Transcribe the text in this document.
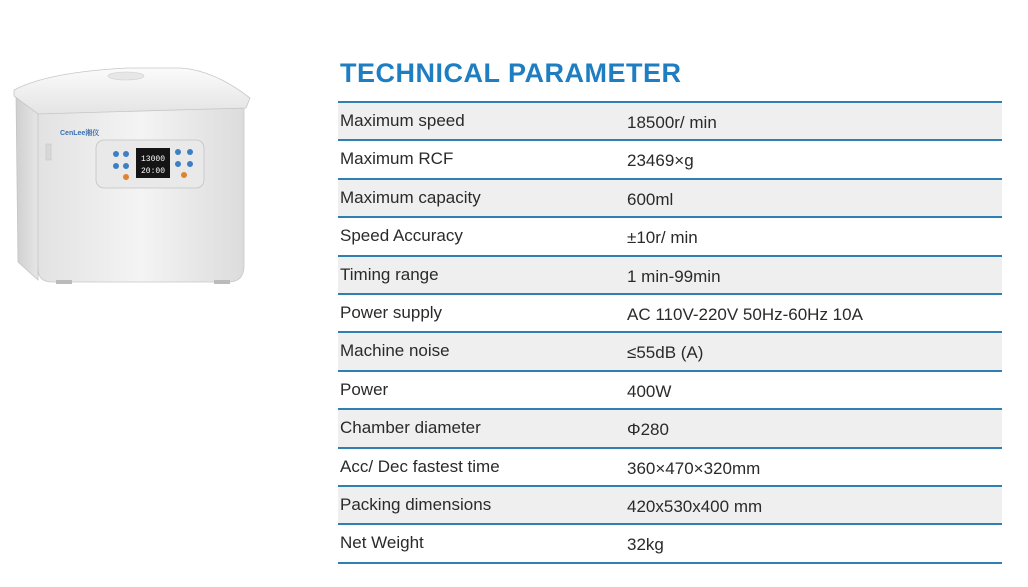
13000
20:00
CenLee湘仪
TECHNICAL PARAMETER
Maximum speed	18500r/ min
Maximum RCF	23469×g
Maximum capacity	600ml
Speed Accuracy	±10r/ min
Timing range	1 min-99min
Power supply	AC 110V-220V 50Hz-60Hz 10A
Machine noise	≤55dB (A)
Power	400W
Chamber diameter	Φ280
Acc/ Dec fastest time	360×470×320mm
Packing dimensions	420x530x400 mm
Net Weight	32kg
